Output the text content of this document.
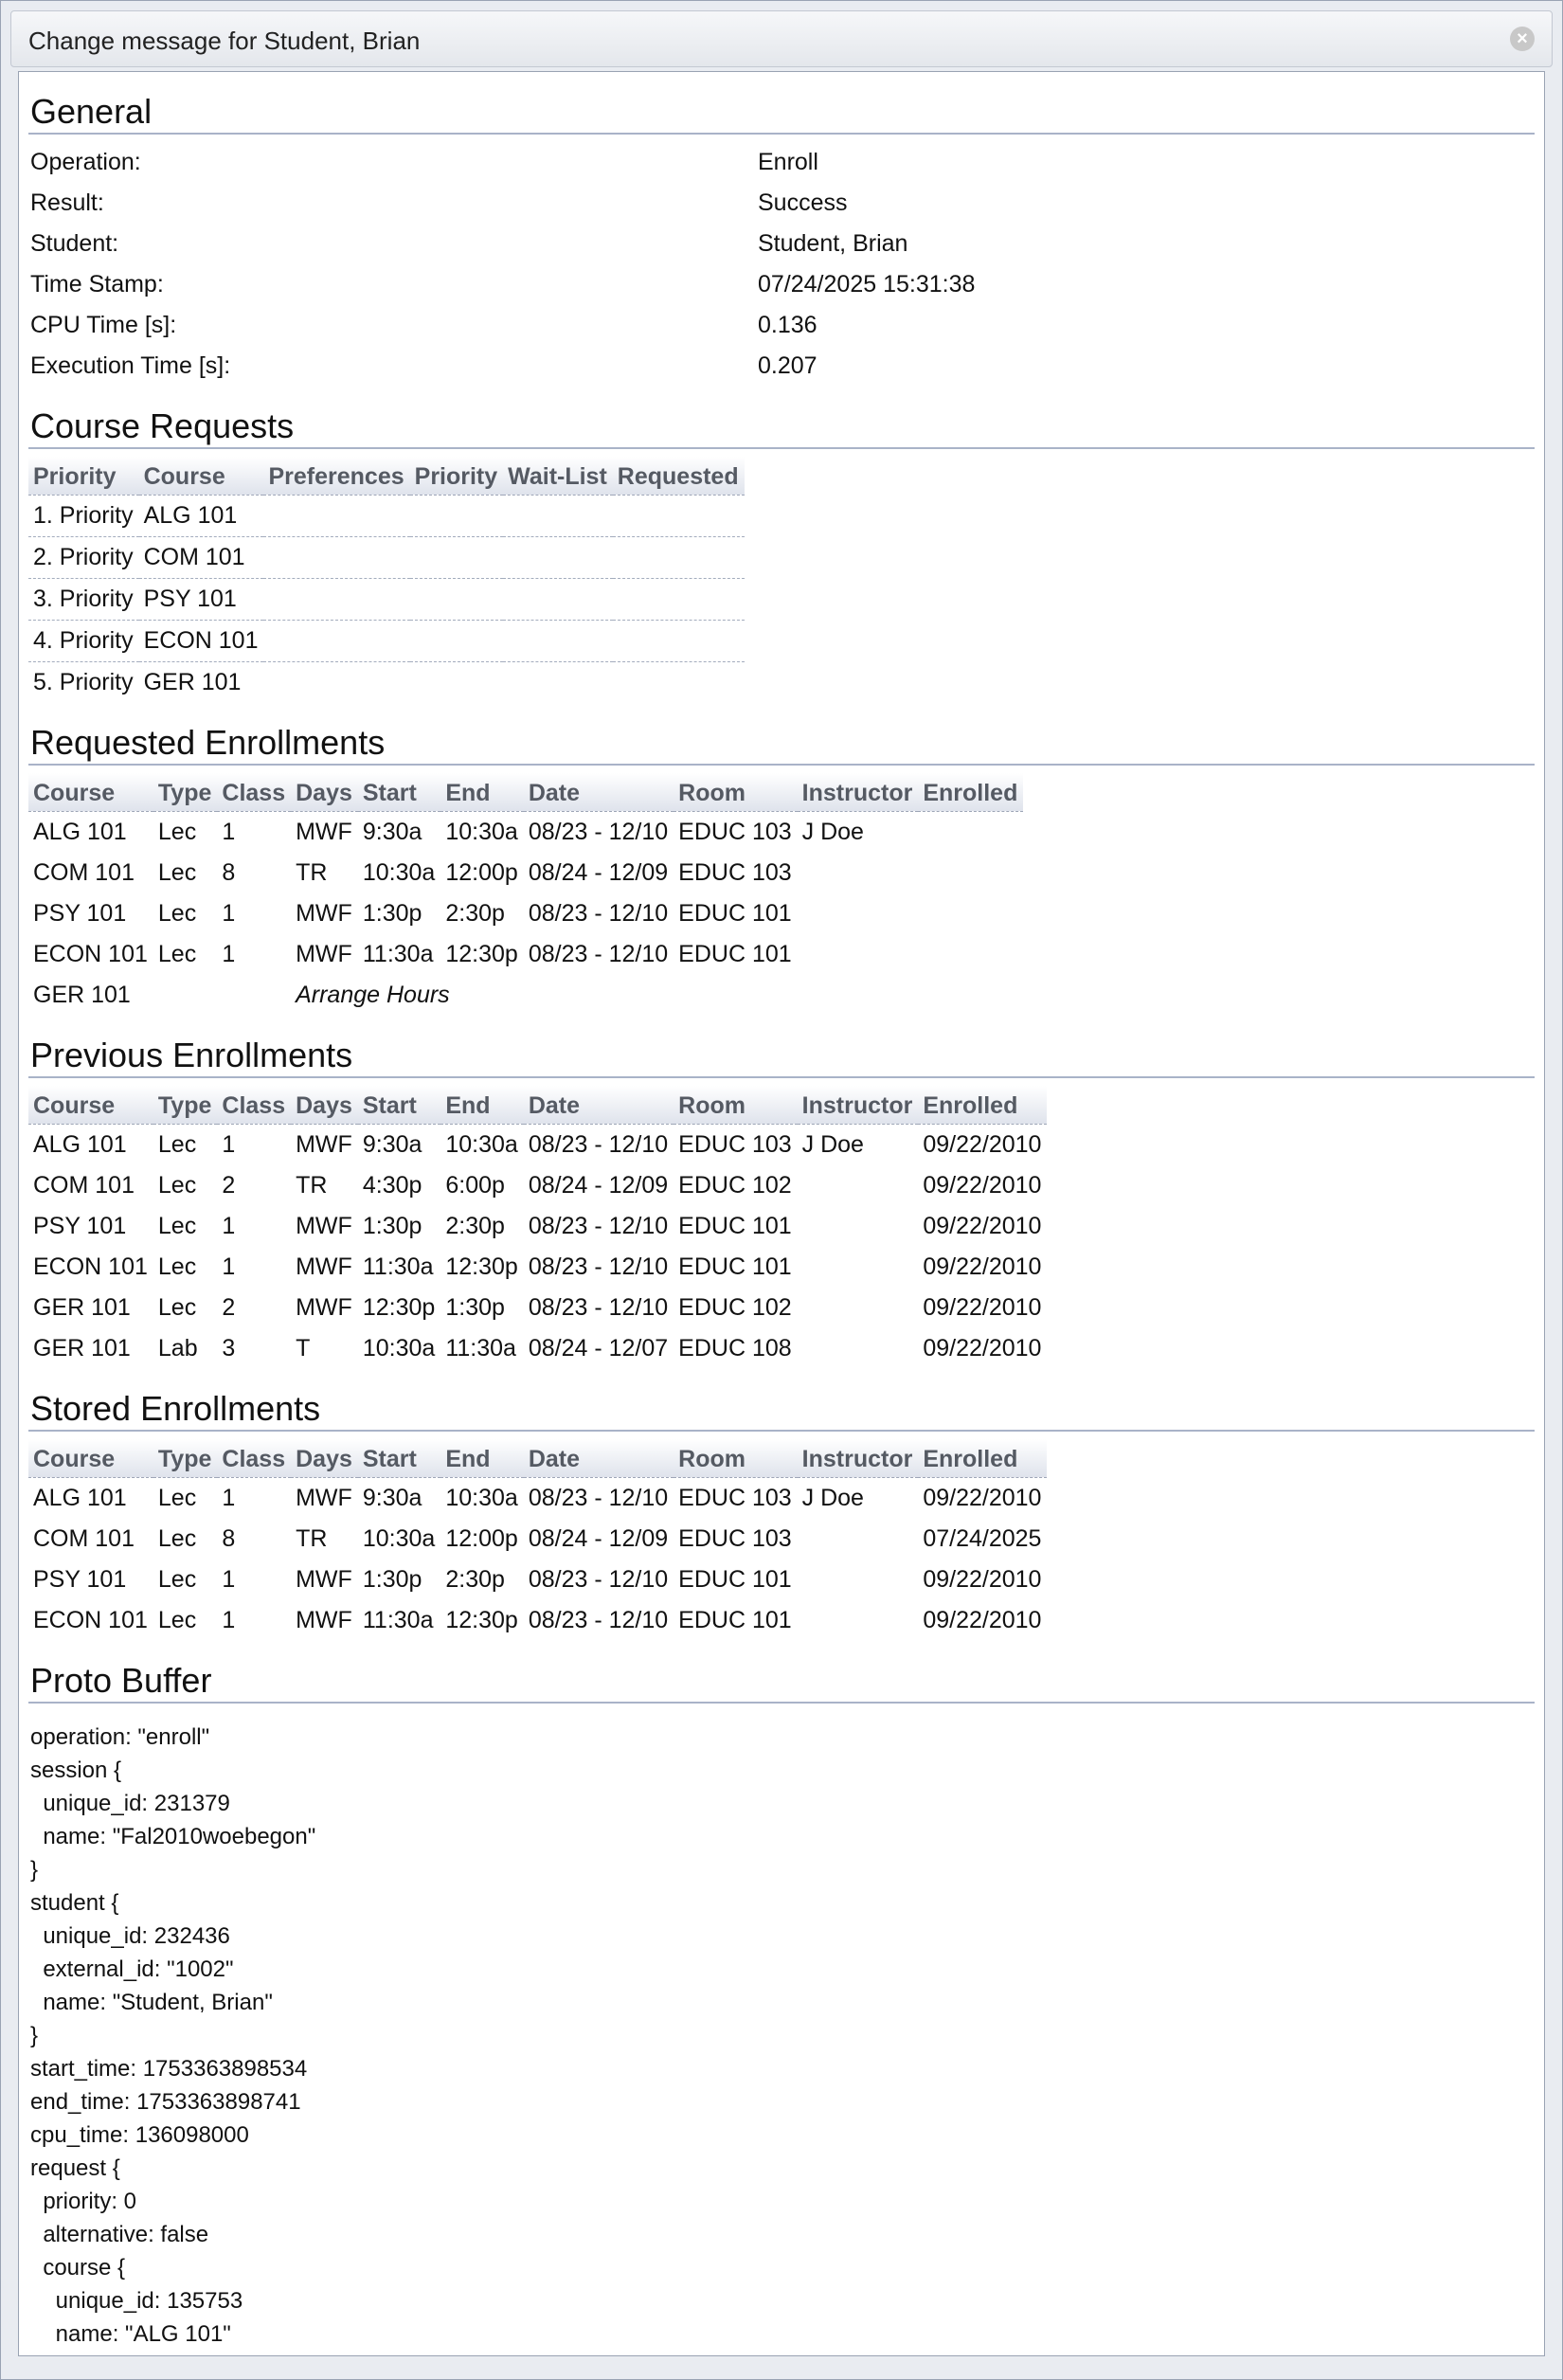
Change message for Student, Brian	×
General
Operation:	Enroll
Result:	Success
Student:	Student, Brian
Time Stamp:	07/24/2025 15:31:38
CPU Time [s]:	0.136
Execution Time [s]:	0.207
Course Requests
Priority	Course	Preferences	Priority	Wait-List	Requested
1. Priority	ALG 101				
2. Priority	COM 101				
3. Priority	PSY 101				
4. Priority	ECON 101				
5. Priority	GER 101				
Requested Enrollments
Course	Type	Class	Days	Start	End	Date	Room	Instructor	Enrolled
ALG 101	Lec	1	MWF	9:30a	10:30a	08/23 - 12/10	EDUC 103	J Doe	
COM 101	Lec	8	TR	10:30a	12:00p	08/24 - 12/09	EDUC 103		
PSY 101	Lec	1	MWF	1:30p	2:30p	08/23 - 12/10	EDUC 101		
ECON 101	Lec	1	MWF	11:30a	12:30p	08/23 - 12/10	EDUC 101		
GER 101			Arrange Hours						
Previous Enrollments
Course	Type	Class	Days	Start	End	Date	Room	Instructor	Enrolled
ALG 101	Lec	1	MWF	9:30a	10:30a	08/23 - 12/10	EDUC 103	J Doe	09/22/2010
COM 101	Lec	2	TR	4:30p	6:00p	08/24 - 12/09	EDUC 102		09/22/2010
PSY 101	Lec	1	MWF	1:30p	2:30p	08/23 - 12/10	EDUC 101		09/22/2010
ECON 101	Lec	1	MWF	11:30a	12:30p	08/23 - 12/10	EDUC 101		09/22/2010
GER 101	Lec	2	MWF	12:30p	1:30p	08/23 - 12/10	EDUC 102		09/22/2010
GER 101	Lab	3	T	10:30a	11:30a	08/24 - 12/07	EDUC 108		09/22/2010
Stored Enrollments
Course	Type	Class	Days	Start	End	Date	Room	Instructor	Enrolled
ALG 101	Lec	1	MWF	9:30a	10:30a	08/23 - 12/10	EDUC 103	J Doe	09/22/2010
COM 101	Lec	8	TR	10:30a	12:00p	08/24 - 12/09	EDUC 103		07/24/2025
PSY 101	Lec	1	MWF	1:30p	2:30p	08/23 - 12/10	EDUC 101		09/22/2010
ECON 101	Lec	1	MWF	11:30a	12:30p	08/23 - 12/10	EDUC 101		09/22/2010
Proto Buffer
operation: "enroll"
session {
unique_id: 231379
name: "Fal2010woebegon"
}
student {
unique_id: 232436
external_id: "1002"
name: "Student, Brian"
}
start_time: 1753363898534
end_time: 1753363898741
cpu_time: 136098000
request {
priority: 0
alternative: false
course {
unique_id: 135753
name: "ALG 101"
